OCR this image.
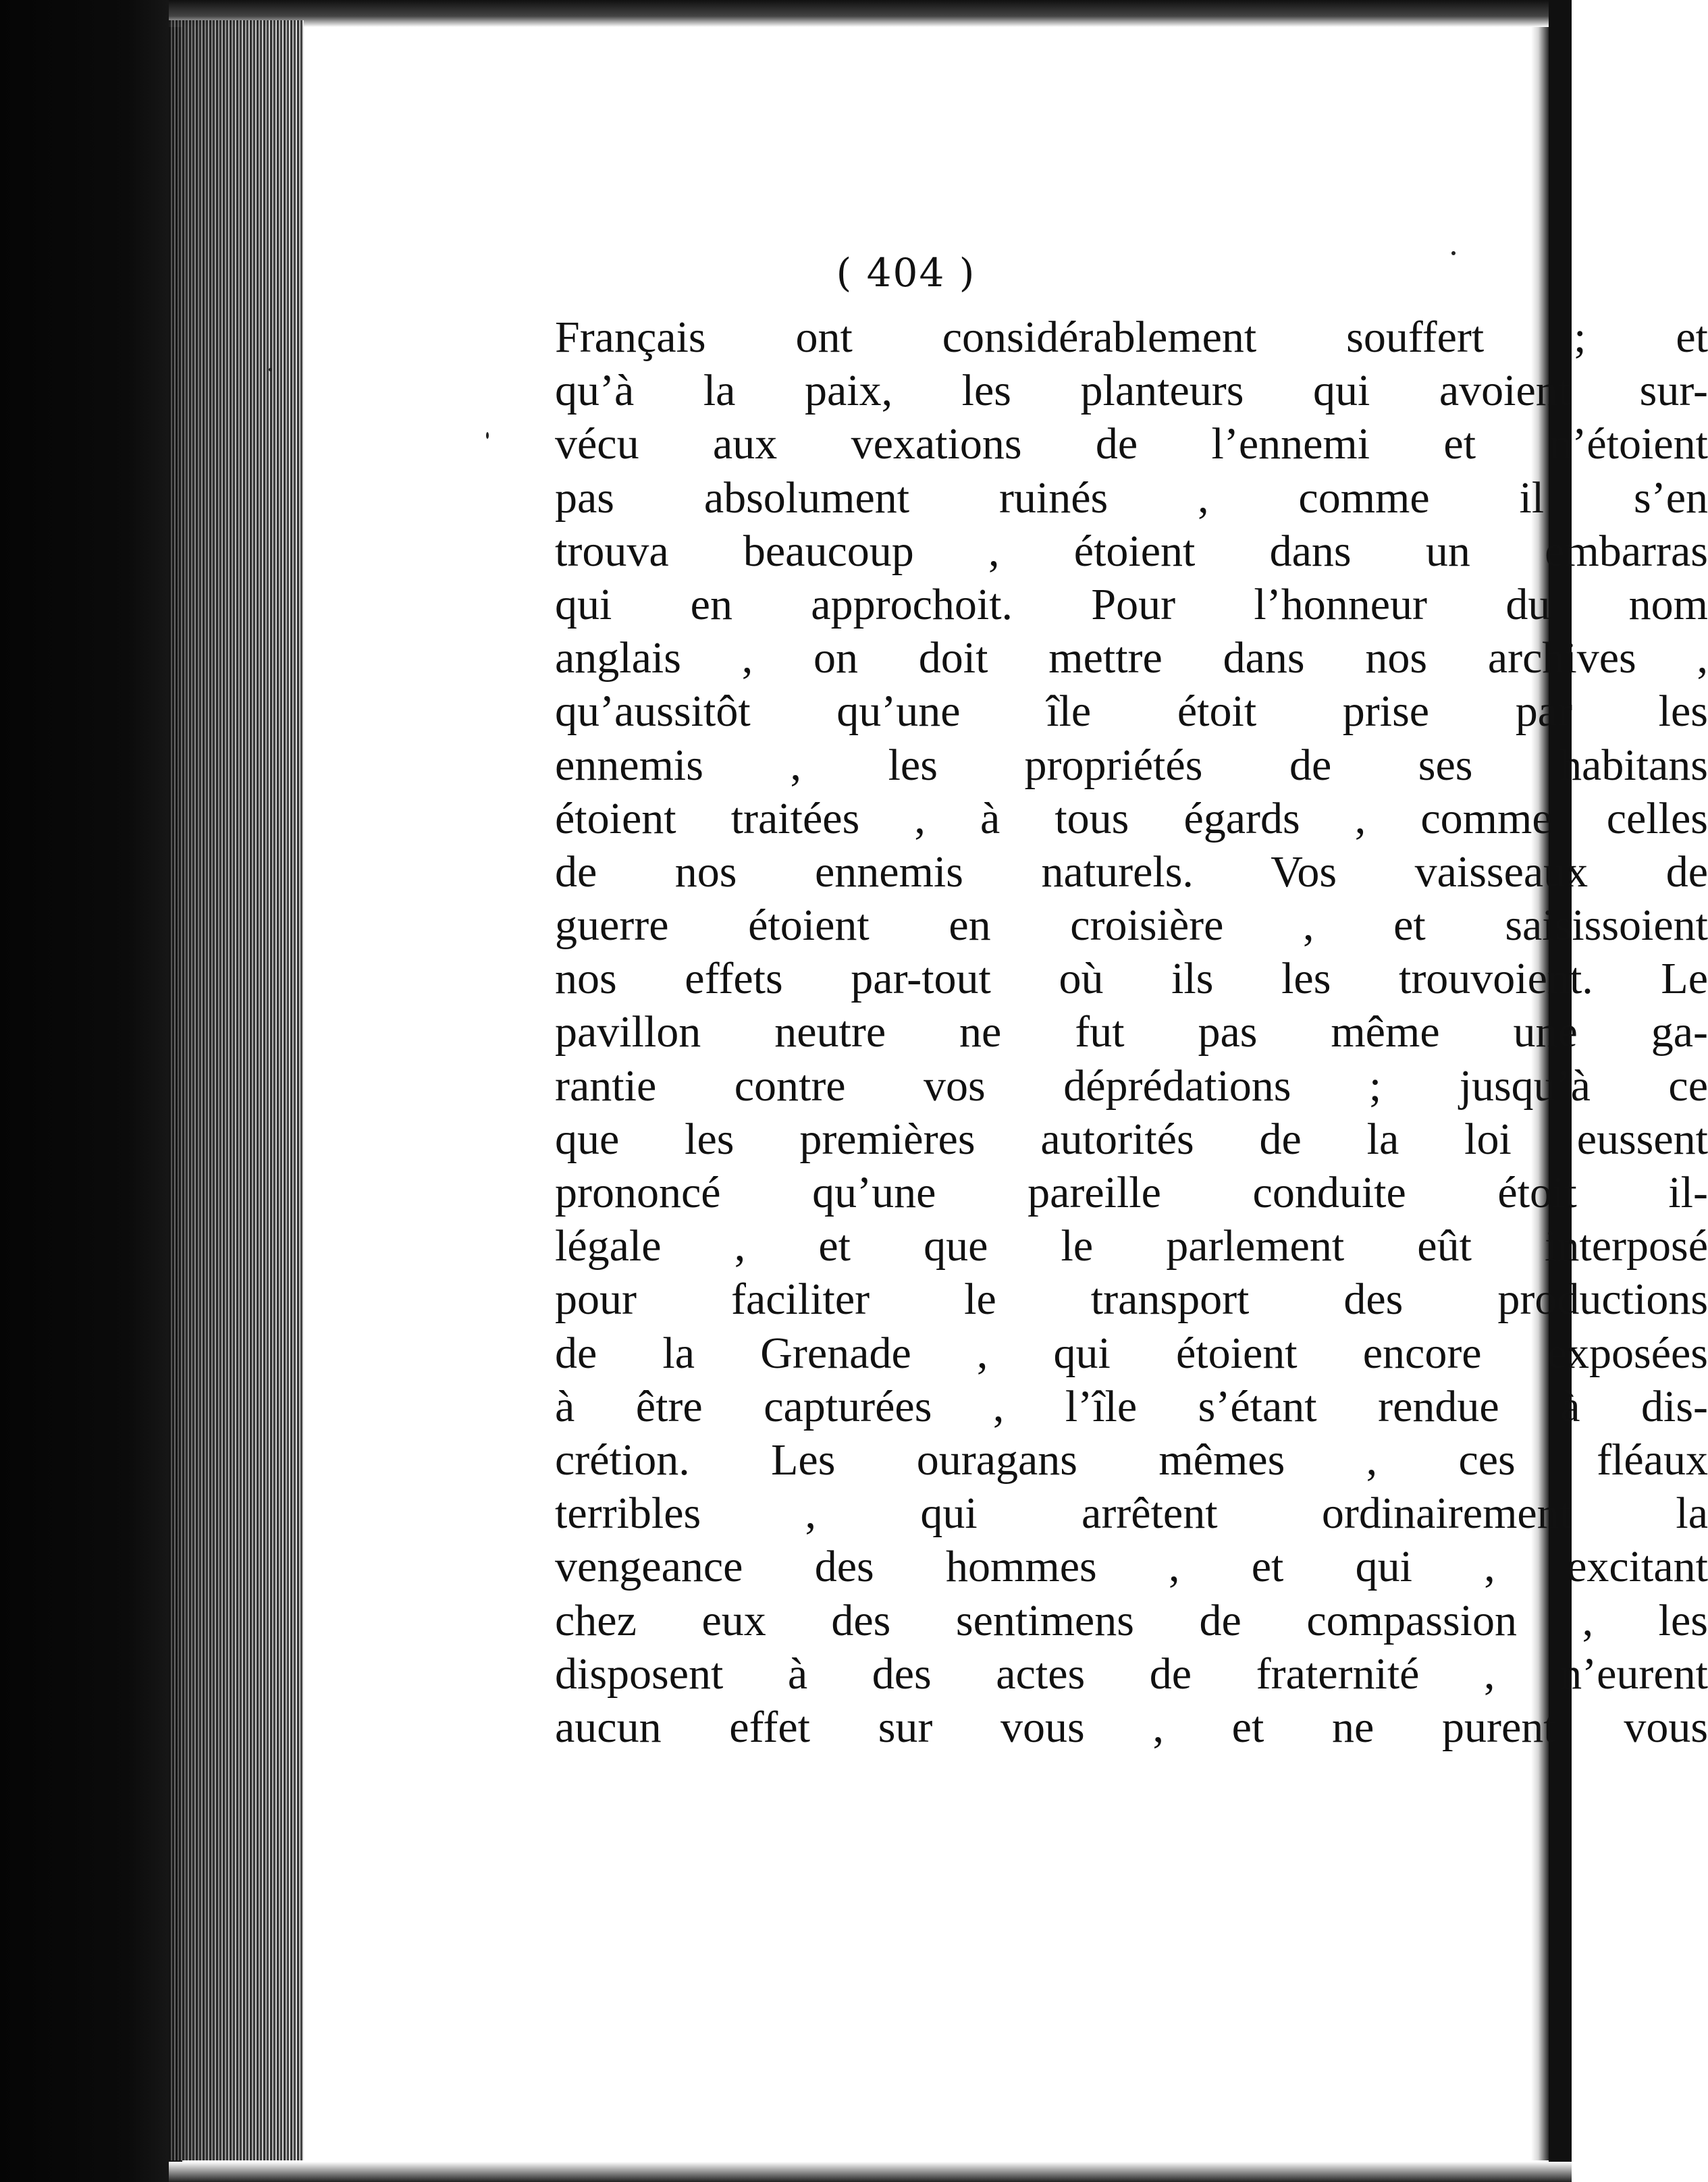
( 404 )
Français ont considérablement souffert ; et
qu’à la paix, les planteurs qui avoient sur-
vécu aux vexations de l’ennemi et n’étoient
pas absolument ruinés , comme il s’en
trouva beaucoup , étoient dans un embarras
qui en approchoit. Pour l’honneur du nom
anglais , on doit mettre dans nos archives ,
qu’aussitôt qu’une île étoit prise par les
ennemis , les propriétés de ses habitans
étoient traitées , à tous égards , comme celles
de nos ennemis naturels. Vos vaisseaux de
guerre étoient en croisière , et saisissoient
nos effets par-tout où ils les trouvoient. Le
pavillon neutre ne fut pas même une ga-
rantie contre vos déprédations ; jusqu’à ce
que les premières autorités de la loi eussent
prononcé qu’une pareille conduite étoit il-
légale , et que le parlement eût interposé
pour faciliter le transport des productions
de la Grenade , qui étoient encore exposées
à être capturées , l’île s’étant rendue à dis-
crétion. Les ouragans mêmes , ces fléaux
terribles , qui arrêtent ordinairement la
vengeance des hommes , et qui , excitant
chez eux des sentimens de compassion , les
disposent à des actes de fraternité , n’eurent
aucun effet sur vous , et ne purent vous
